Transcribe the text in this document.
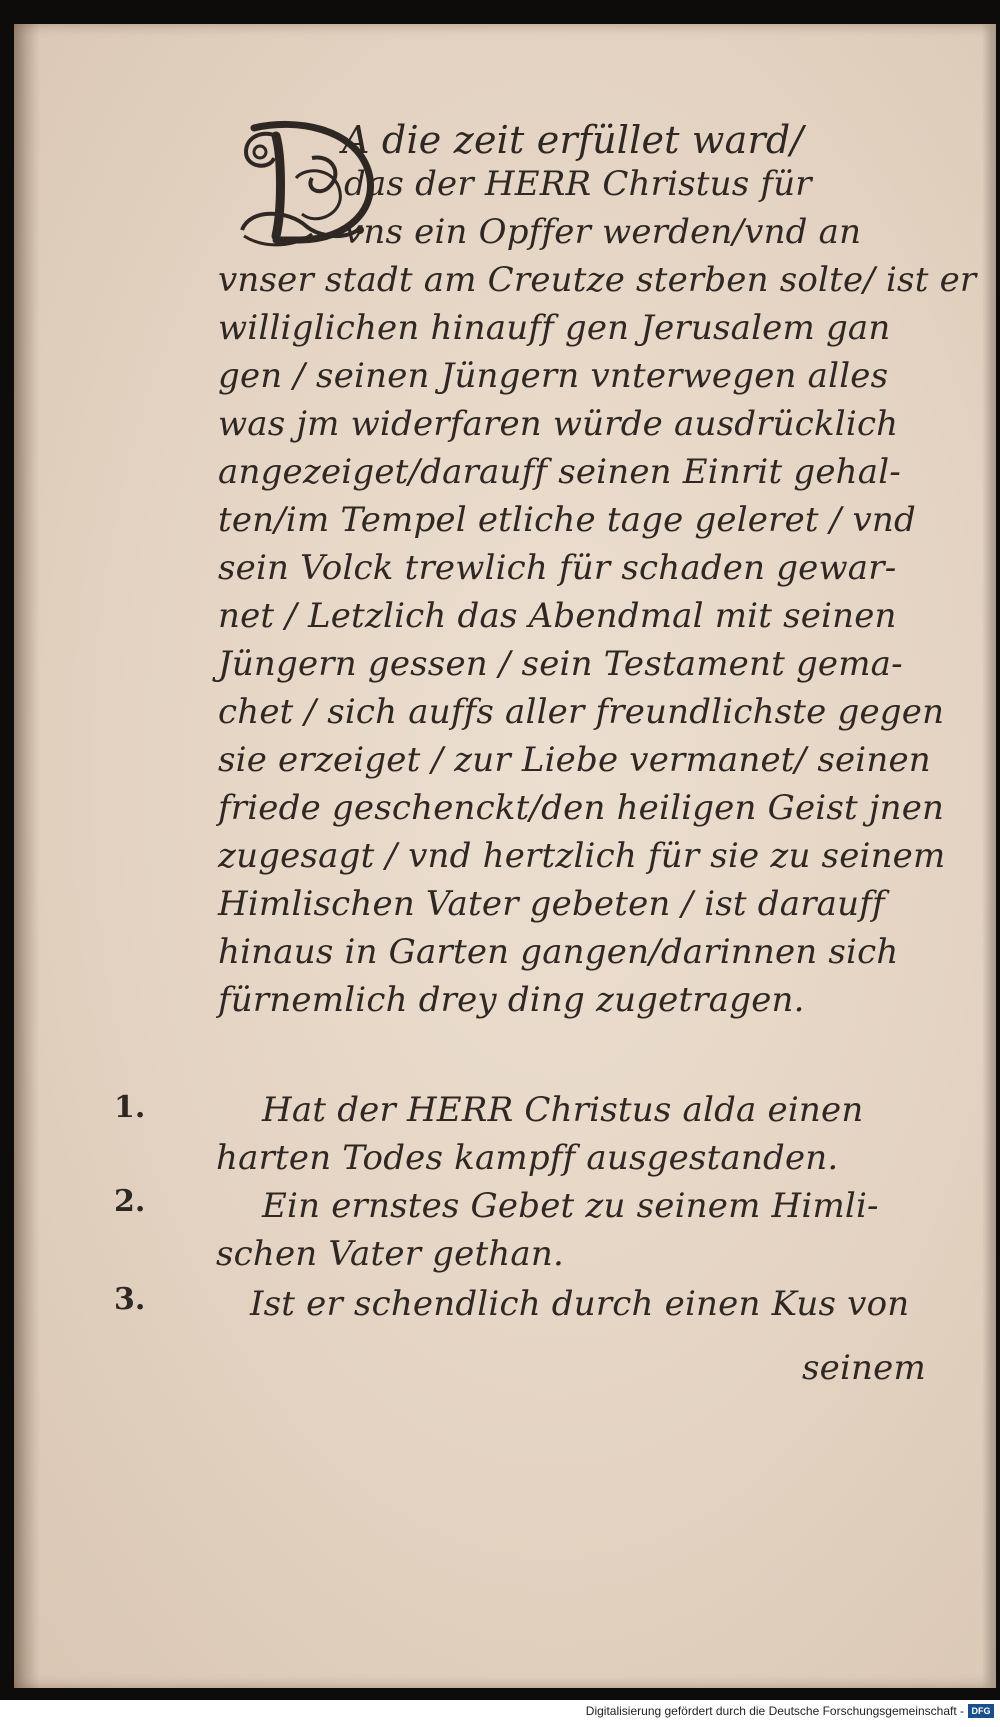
A die zeit erfüllet ward/
das der HERR Christus für
vns ein Opffer werden/vnd an
vnser stadt am Creutze sterben solte/ ist er
williglichen hinauff gen Jerusalem gan
gen / seinen Jüngern vnterwegen alles
was jm widerfaren würde ausdrücklich
angezeiget/darauff seinen Einrit gehal-
ten/im Tempel etliche tage geleret / vnd
sein Volck trewlich für schaden gewar-
net / Letzlich das Abendmal mit seinen
Jüngern gessen / sein Testament gema-
chet / sich auffs aller freundlichste gegen
sie erzeiget / zur Liebe vermanet/ seinen
friede geschenckt/den heiligen Geist jnen
zugesagt / vnd hertzlich für sie zu seinem
Himlischen Vater gebeten / ist darauff
hinaus in Garten gangen/darinnen sich
fürnemlich drey ding zugetragen.
1.	Hat der HERR Christus alda einen
harten Todes kampff ausgestanden.
2.	Ein ernstes Gebet zu seinem Himli-
schen Vater gethan.
3.	Ist er schendlich durch einen Kus von
seinem
Digitalisierung gefördert durch die Deutsche Forschungsgemeinschaft - DFG
